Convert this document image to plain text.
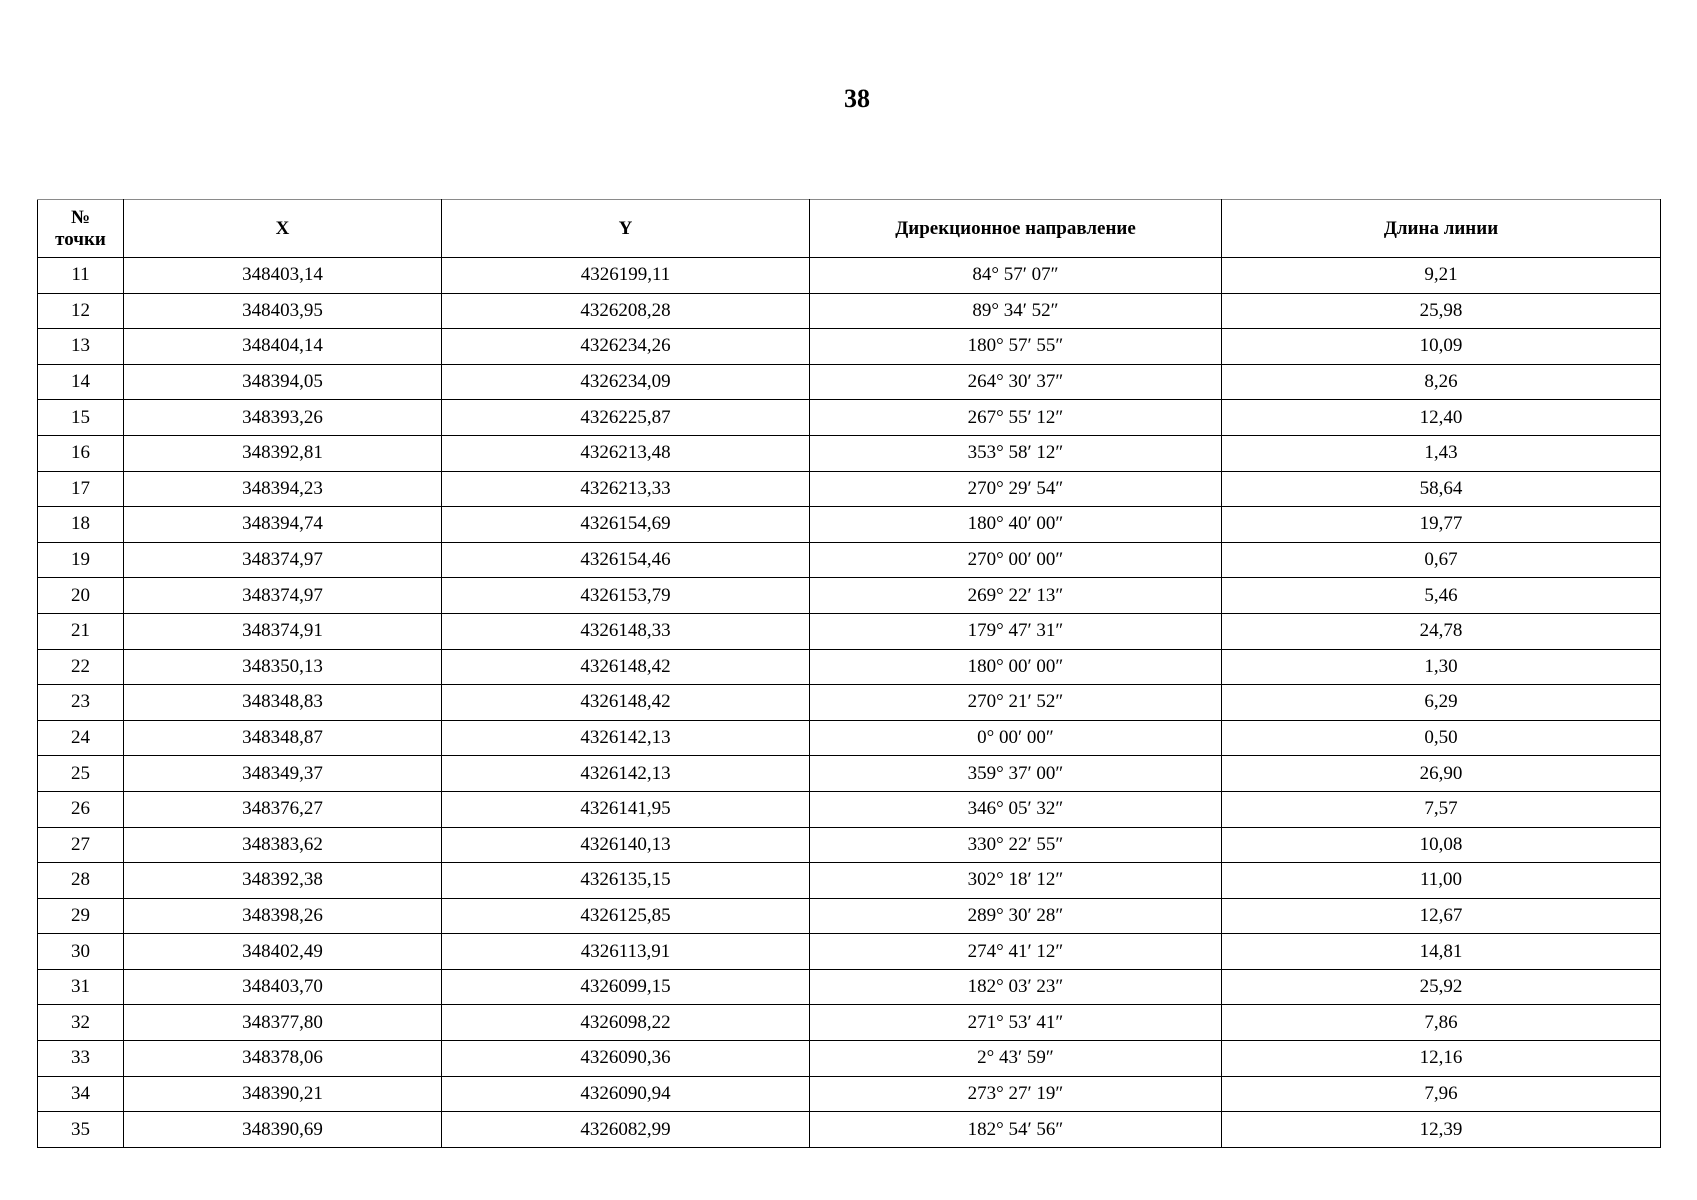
38
№
точки	X	Y	Дирекционное направление	Длина линии
11	348403,14	4326199,11	84° 57′ 07″	9,21
12	348403,95	4326208,28	89° 34′ 52″	25,98
13	348404,14	4326234,26	180° 57′ 55″	10,09
14	348394,05	4326234,09	264° 30′ 37″	8,26
15	348393,26	4326225,87	267° 55′ 12″	12,40
16	348392,81	4326213,48	353° 58′ 12″	1,43
17	348394,23	4326213,33	270° 29′ 54″	58,64
18	348394,74	4326154,69	180° 40′ 00″	19,77
19	348374,97	4326154,46	270° 00′ 00″	0,67
20	348374,97	4326153,79	269° 22′ 13″	5,46
21	348374,91	4326148,33	179° 47′ 31″	24,78
22	348350,13	4326148,42	180° 00′ 00″	1,30
23	348348,83	4326148,42	270° 21′ 52″	6,29
24	348348,87	4326142,13	0° 00′ 00″	0,50
25	348349,37	4326142,13	359° 37′ 00″	26,90
26	348376,27	4326141,95	346° 05′ 32″	7,57
27	348383,62	4326140,13	330° 22′ 55″	10,08
28	348392,38	4326135,15	302° 18′ 12″	11,00
29	348398,26	4326125,85	289° 30′ 28″	12,67
30	348402,49	4326113,91	274° 41′ 12″	14,81
31	348403,70	4326099,15	182° 03′ 23″	25,92
32	348377,80	4326098,22	271° 53′ 41″	7,86
33	348378,06	4326090,36	2° 43′ 59″	12,16
34	348390,21	4326090,94	273° 27′ 19″	7,96
35	348390,69	4326082,99	182° 54′ 56″	12,39
